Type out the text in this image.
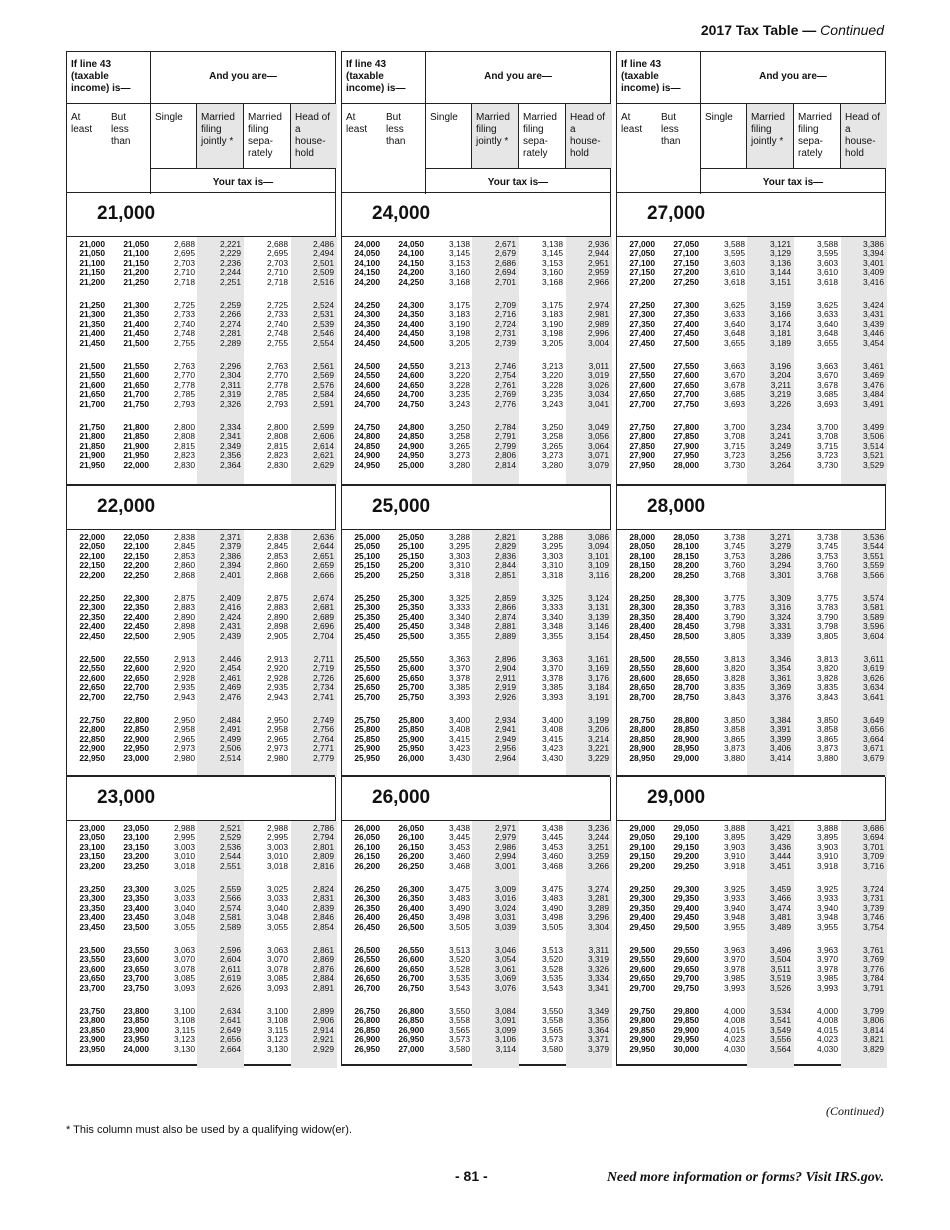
2017 Tax Table — Continued
If line 43
(taxable
income) is—
And you are—
At
least
But
less
than
Single	Married
filing
jointly *
Married
filing
sepa-
rately
Head of
a
house-
hold
Your tax is—
21,000
21,000	21,050	2,688	2,221	2,688	2,486
21,050	21,100	2,695	2,229	2,695	2,494
21,100	21,150	2,703	2,236	2,703	2,501
21,150	21,200	2,710	2,244	2,710	2,509
21,200	21,250	2,718	2,251	2,718	2,516
21,250	21,300	2,725	2,259	2,725	2,524
21,300	21,350	2,733	2,266	2,733	2,531
21,350	21,400	2,740	2,274	2,740	2,539
21,400	21,450	2,748	2,281	2,748	2,546
21,450	21,500	2,755	2,289	2,755	2,554
21,500	21,550	2,763	2,296	2,763	2,561
21,550	21,600	2,770	2,304	2,770	2,569
21,600	21,650	2,778	2,311	2,778	2,576
21,650	21,700	2,785	2,319	2,785	2,584
21,700	21,750	2,793	2,326	2,793	2,591
21,750	21,800	2,800	2,334	2,800	2,599
21,800	21,850	2,808	2,341	2,808	2,606
21,850	21,900	2,815	2,349	2,815	2,614
21,900	21,950	2,823	2,356	2,823	2,621
21,950	22,000	2,830	2,364	2,830	2,629
22,000
22,000	22,050	2,838	2,371	2,838	2,636
22,050	22,100	2,845	2,379	2,845	2,644
22,100	22,150	2,853	2,386	2,853	2,651
22,150	22,200	2,860	2,394	2,860	2,659
22,200	22,250	2,868	2,401	2,868	2,666
22,250	22,300	2,875	2,409	2,875	2,674
22,300	22,350	2,883	2,416	2,883	2,681
22,350	22,400	2,890	2,424	2,890	2,689
22,400	22,450	2,898	2,431	2,898	2,696
22,450	22,500	2,905	2,439	2,905	2,704
22,500	22,550	2,913	2,446	2,913	2,711
22,550	22,600	2,920	2,454	2,920	2,719
22,600	22,650	2,928	2,461	2,928	2,726
22,650	22,700	2,935	2,469	2,935	2,734
22,700	22,750	2,943	2,476	2,943	2,741
22,750	22,800	2,950	2,484	2,950	2,749
22,800	22,850	2,958	2,491	2,958	2,756
22,850	22,900	2,965	2,499	2,965	2,764
22,900	22,950	2,973	2,506	2,973	2,771
22,950	23,000	2,980	2,514	2,980	2,779
23,000
23,000	23,050	2,988	2,521	2,988	2,786
23,050	23,100	2,995	2,529	2,995	2,794
23,100	23,150	3,003	2,536	3,003	2,801
23,150	23,200	3,010	2,544	3,010	2,809
23,200	23,250	3,018	2,551	3,018	2,816
23,250	23,300	3,025	2,559	3,025	2,824
23,300	23,350	3,033	2,566	3,033	2,831
23,350	23,400	3,040	2,574	3,040	2,839
23,400	23,450	3,048	2,581	3,048	2,846
23,450	23,500	3,055	2,589	3,055	2,854
23,500	23,550	3,063	2,596	3,063	2,861
23,550	23,600	3,070	2,604	3,070	2,869
23,600	23,650	3,078	2,611	3,078	2,876
23,650	23,700	3,085	2,619	3,085	2,884
23,700	23,750	3,093	2,626	3,093	2,891
23,750	23,800	3,100	2,634	3,100	2,899
23,800	23,850	3,108	2,641	3,108	2,906
23,850	23,900	3,115	2,649	3,115	2,914
23,900	23,950	3,123	2,656	3,123	2,921
23,950	24,000	3,130	2,664	3,130	2,929
If line 43
(taxable
income) is—
And you are—
At
least
But
less
than
Single	Married
filing
jointly *
Married
filing
sepa-
rately
Head of
a
house-
hold
Your tax is—
24,000
24,000	24,050	3,138	2,671	3,138	2,936
24,050	24,100	3,145	2,679	3,145	2,944
24,100	24,150	3,153	2,686	3,153	2,951
24,150	24,200	3,160	2,694	3,160	2,959
24,200	24,250	3,168	2,701	3,168	2,966
24,250	24,300	3,175	2,709	3,175	2,974
24,300	24,350	3,183	2,716	3,183	2,981
24,350	24,400	3,190	2,724	3,190	2,989
24,400	24,450	3,198	2,731	3,198	2,996
24,450	24,500	3,205	2,739	3,205	3,004
24,500	24,550	3,213	2,746	3,213	3,011
24,550	24,600	3,220	2,754	3,220	3,019
24,600	24,650	3,228	2,761	3,228	3,026
24,650	24,700	3,235	2,769	3,235	3,034
24,700	24,750	3,243	2,776	3,243	3,041
24,750	24,800	3,250	2,784	3,250	3,049
24,800	24,850	3,258	2,791	3,258	3,056
24,850	24,900	3,265	2,799	3,265	3,064
24,900	24,950	3,273	2,806	3,273	3,071
24,950	25,000	3,280	2,814	3,280	3,079
25,000
25,000	25,050	3,288	2,821	3,288	3,086
25,050	25,100	3,295	2,829	3,295	3,094
25,100	25,150	3,303	2,836	3,303	3,101
25,150	25,200	3,310	2,844	3,310	3,109
25,200	25,250	3,318	2,851	3,318	3,116
25,250	25,300	3,325	2,859	3,325	3,124
25,300	25,350	3,333	2,866	3,333	3,131
25,350	25,400	3,340	2,874	3,340	3,139
25,400	25,450	3,348	2,881	3,348	3,146
25,450	25,500	3,355	2,889	3,355	3,154
25,500	25,550	3,363	2,896	3,363	3,161
25,550	25,600	3,370	2,904	3,370	3,169
25,600	25,650	3,378	2,911	3,378	3,176
25,650	25,700	3,385	2,919	3,385	3,184
25,700	25,750	3,393	2,926	3,393	3,191
25,750	25,800	3,400	2,934	3,400	3,199
25,800	25,850	3,408	2,941	3,408	3,206
25,850	25,900	3,415	2,949	3,415	3,214
25,900	25,950	3,423	2,956	3,423	3,221
25,950	26,000	3,430	2,964	3,430	3,229
26,000
26,000	26,050	3,438	2,971	3,438	3,236
26,050	26,100	3,445	2,979	3,445	3,244
26,100	26,150	3,453	2,986	3,453	3,251
26,150	26,200	3,460	2,994	3,460	3,259
26,200	26,250	3,468	3,001	3,468	3,266
26,250	26,300	3,475	3,009	3,475	3,274
26,300	26,350	3,483	3,016	3,483	3,281
26,350	26,400	3,490	3,024	3,490	3,289
26,400	26,450	3,498	3,031	3,498	3,296
26,450	26,500	3,505	3,039	3,505	3,304
26,500	26,550	3,513	3,046	3,513	3,311
26,550	26,600	3,520	3,054	3,520	3,319
26,600	26,650	3,528	3,061	3,528	3,326
26,650	26,700	3,535	3,069	3,535	3,334
26,700	26,750	3,543	3,076	3,543	3,341
26,750	26,800	3,550	3,084	3,550	3,349
26,800	26,850	3,558	3,091	3,558	3,356
26,850	26,900	3,565	3,099	3,565	3,364
26,900	26,950	3,573	3,106	3,573	3,371
26,950	27,000	3,580	3,114	3,580	3,379
If line 43
(taxable
income) is—
And you are—
At
least
But
less
than
Single	Married
filing
jointly *
Married
filing
sepa-
rately
Head of
a
house-
hold
Your tax is—
27,000
27,000	27,050	3,588	3,121	3,588	3,386
27,050	27,100	3,595	3,129	3,595	3,394
27,100	27,150	3,603	3,136	3,603	3,401
27,150	27,200	3,610	3,144	3,610	3,409
27,200	27,250	3,618	3,151	3,618	3,416
27,250	27,300	3,625	3,159	3,625	3,424
27,300	27,350	3,633	3,166	3,633	3,431
27,350	27,400	3,640	3,174	3,640	3,439
27,400	27,450	3,648	3,181	3,648	3,446
27,450	27,500	3,655	3,189	3,655	3,454
27,500	27,550	3,663	3,196	3,663	3,461
27,550	27,600	3,670	3,204	3,670	3,469
27,600	27,650	3,678	3,211	3,678	3,476
27,650	27,700	3,685	3,219	3,685	3,484
27,700	27,750	3,693	3,226	3,693	3,491
27,750	27,800	3,700	3,234	3,700	3,499
27,800	27,850	3,708	3,241	3,708	3,506
27,850	27,900	3,715	3,249	3,715	3,514
27,900	27,950	3,723	3,256	3,723	3,521
27,950	28,000	3,730	3,264	3,730	3,529
28,000
28,000	28,050	3,738	3,271	3,738	3,536
28,050	28,100	3,745	3,279	3,745	3,544
28,100	28,150	3,753	3,286	3,753	3,551
28,150	28,200	3,760	3,294	3,760	3,559
28,200	28,250	3,768	3,301	3,768	3,566
28,250	28,300	3,775	3,309	3,775	3,574
28,300	28,350	3,783	3,316	3,783	3,581
28,350	28,400	3,790	3,324	3,790	3,589
28,400	28,450	3,798	3,331	3,798	3,596
28,450	28,500	3,805	3,339	3,805	3,604
28,500	28,550	3,813	3,346	3,813	3,611
28,550	28,600	3,820	3,354	3,820	3,619
28,600	28,650	3,828	3,361	3,828	3,626
28,650	28,700	3,835	3,369	3,835	3,634
28,700	28,750	3,843	3,376	3,843	3,641
28,750	28,800	3,850	3,384	3,850	3,649
28,800	28,850	3,858	3,391	3,858	3,656
28,850	28,900	3,865	3,399	3,865	3,664
28,900	28,950	3,873	3,406	3,873	3,671
28,950	29,000	3,880	3,414	3,880	3,679
29,000
29,000	29,050	3,888	3,421	3,888	3,686
29,050	29,100	3,895	3,429	3,895	3,694
29,100	29,150	3,903	3,436	3,903	3,701
29,150	29,200	3,910	3,444	3,910	3,709
29,200	29,250	3,918	3,451	3,918	3,716
29,250	29,300	3,925	3,459	3,925	3,724
29,300	29,350	3,933	3,466	3,933	3,731
29,350	29,400	3,940	3,474	3,940	3,739
29,400	29,450	3,948	3,481	3,948	3,746
29,450	29,500	3,955	3,489	3,955	3,754
29,500	29,550	3,963	3,496	3,963	3,761
29,550	29,600	3,970	3,504	3,970	3,769
29,600	29,650	3,978	3,511	3,978	3,776
29,650	29,700	3,985	3,519	3,985	3,784
29,700	29,750	3,993	3,526	3,993	3,791
29,750	29,800	4,000	3,534	4,000	3,799
29,800	29,850	4,008	3,541	4,008	3,806
29,850	29,900	4,015	3,549	4,015	3,814
29,900	29,950	4,023	3,556	4,023	3,821
29,950	30,000	4,030	3,564	4,030	3,829
(Continued)
* This column must also be used by a qualifying widow(er).
- 81 -	Need more information or forms? Visit IRS.gov.
